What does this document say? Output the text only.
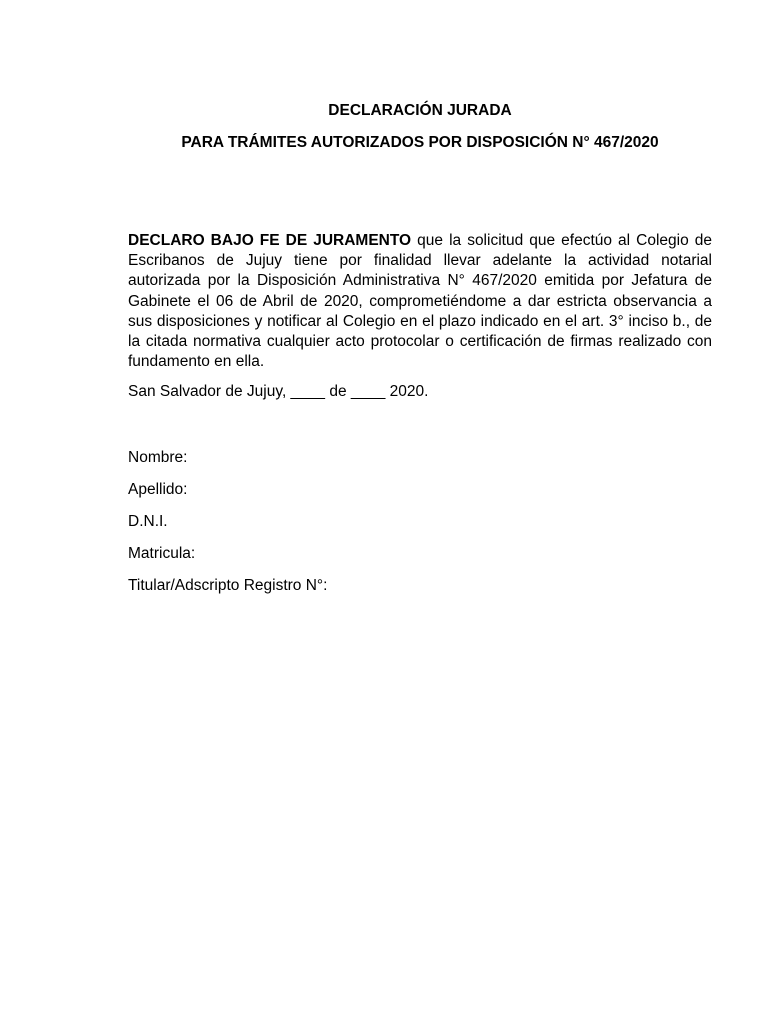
DECLARACIÓN JURADA
PARA TRÁMITES AUTORIZADOS POR DISPOSICIÓN N° 467/2020

DECLARO BAJO FE DE JURAMENTO que la solicitud que efectúo al Colegio de Escribanos de Jujuy tiene por finalidad llevar adelante la actividad notarial autorizada por la Disposición Administrativa N° 467/2020 emitida por Jefatura de Gabinete el 06 de Abril de 2020, comprometiéndome a dar estricta observancia a sus disposiciones y notificar al Colegio en el plazo indicado en el art. 3° inciso b., de la citada normativa cualquier acto protocolar o certificación de firmas realizado con fundamento en ella.

San Salvador de Jujuy, ____ de ____ 2020.

Nombre:

Apellido:

D.N.I.

Matricula:

Titular/Adscripto Registro N°:
